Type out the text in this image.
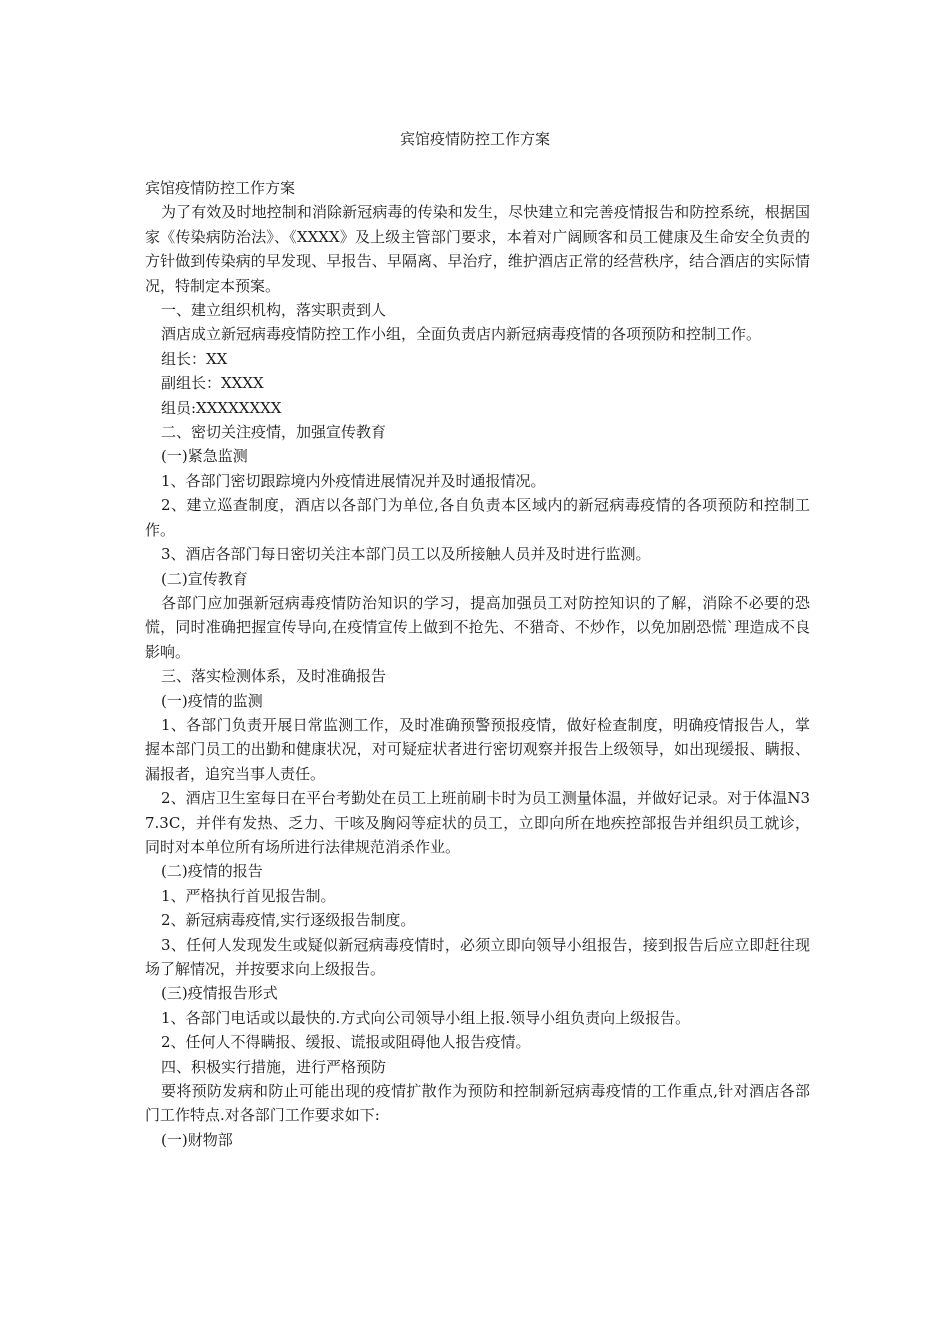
宾馆疫情防控工作方案

宾馆疫情防控工作方案

为了有效及时地控制和消除新冠病毒的传染和发生，尽快建立和完善疫情报告和防控系统，根据国家《传染病防治法》、《XXXX》及上级主管部门要求，本着对广阔顾客和员工健康及生命安全负责的方针做到传染病的早发现、早报告、早隔离、早治疗，维护酒店正常的经营秩序，结合酒店的实际情况，特制定本预案。

一、建立组织机构，落实职责到人

酒店成立新冠病毒疫情防控工作小组，全面负责店内新冠病毒疫情的各项预防和控制工作。

组长：XX

副组长：XXXX

组员:XXXXXXXX

二、密切关注疫情，加强宣传教育

(一)紧急监测

1、各部门密切跟踪境内外疫情进展情况并及时通报情况。

2、建立巡查制度，酒店以各部门为单位,各自负责本区域内的新冠病毒疫情的各项预防和控制工作。

3、酒店各部门每日密切关注本部门员工以及所接触人员并及时进行监测。

(二)宣传教育

各部门应加强新冠病毒疫情防治知识的学习，提高加强员工对防控知识的了解，消除不必要的恐慌，同时准确把握宣传导向,在疫情宣传上做到不抢先、不猎奇、不炒作，以免加剧恐慌`理造成不良影响。

三、落实检测体系，及时准确报告

(一)疫情的监测

1、各部门负责开展日常监测工作，及时准确预警预报疫情，做好检查制度，明确疫情报告人，掌握本部门员工的出勤和健康状况，对可疑症状者进行密切观察并报告上级领导，如出现缓报、瞒报、漏报者，追究当事人责任。

2、酒店卫生室每日在平台考勤处在员工上班前刷卡时为员工测量体温，并做好记录。对于体温N37.3C，并伴有发热、乏力、干咳及胸闷等症状的员工，立即向所在地疾控部报告并组织员工就诊，同时对本单位所有场所进行法律规范消杀作业。

(二)疫情的报告

1、严格执行首见报告制。

2、新冠病毒疫情,实行逐级报告制度。

3、任何人发现发生或疑似新冠病毒疫情时，必须立即向领导小组报告，接到报告后应立即赶往现场了解情况，并按要求向上级报告。

(三)疫情报告形式

1、各部门电话或以最快的.方式向公司领导小组上报.领导小组负责向上级报告。

2、任何人不得瞒报、缓报、谎报或阻碍他人报告疫情。

四、积极实行措施，进行严格预防

要将预防发病和防止可能出现的疫情扩散作为预防和控制新冠病毒疫情的工作重点,针对酒店各部门工作特点.对各部门工作要求如下:

(一)财物部
